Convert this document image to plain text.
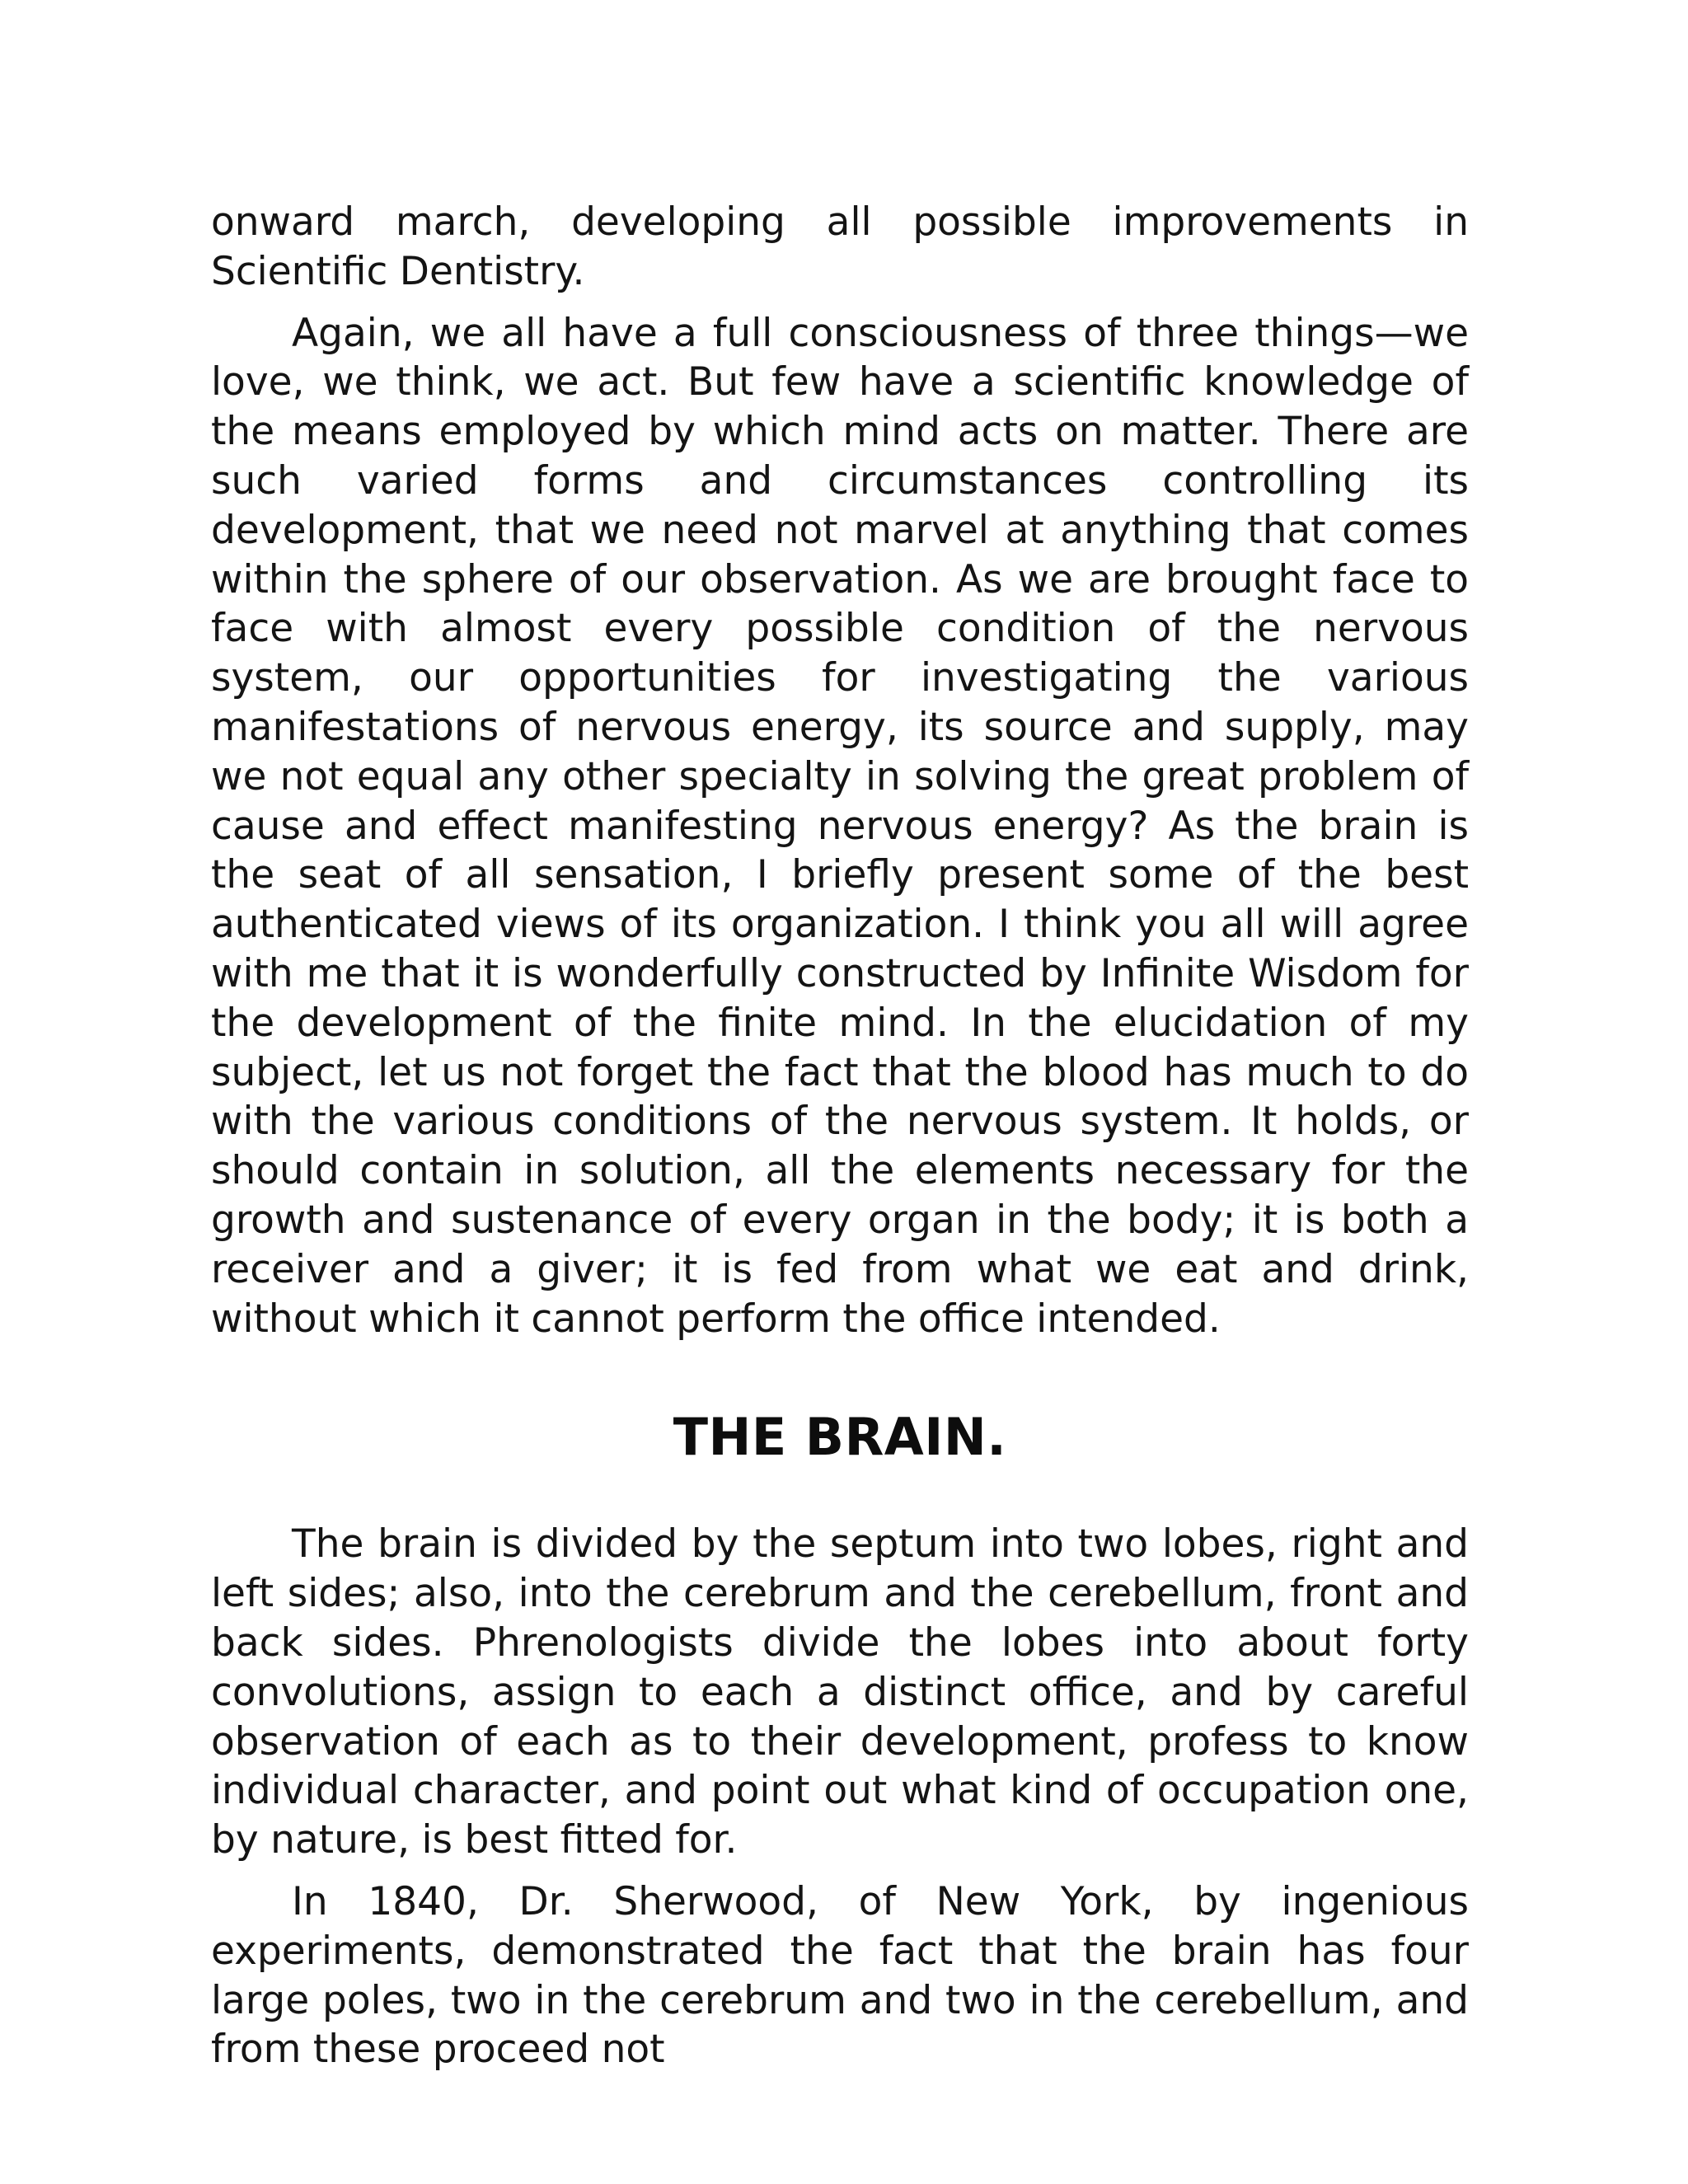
onward march, developing all possible improvements in Scientific Dentistry.

Again, we all have a full consciousness of three things—we love, we think, we act. But few have a scientific knowledge of the means employed by which mind acts on matter. There are such varied forms and circumstances controlling its development, that we need not marvel at anything that comes within the sphere of our observation. As we are brought face to face with almost every possible condition of the nervous system, our opportunities for investigating the various manifestations of nervous energy, its source and supply, may we not equal any other specialty in solving the great problem of cause and effect manifesting nervous energy? As the brain is the seat of all sensation, I briefly present some of the best authenticated views of its organization. I think you all will agree with me that it is wonderfully constructed by Infinite Wisdom for the development of the finite mind. In the elucidation of my subject, let us not forget the fact that the blood has much to do with the various conditions of the nervous system. It holds, or should contain in solution, all the elements necessary for the growth and sustenance of every organ in the body; it is both a receiver and a giver; it is fed from what we eat and drink, without which it cannot perform the office intended.

THE BRAIN.

The brain is divided by the septum into two lobes, right and left sides; also, into the cerebrum and the cerebellum, front and back sides. Phrenologists divide the lobes into about forty convolutions, assign to each a distinct office, and by careful observation of each as to their development, profess to know individual character, and point out what kind of occupation one, by nature, is best fitted for.

In 1840, Dr. Sherwood, of New York, by ingenious experiments, demonstrated the fact that the brain has four large poles, two in the cerebrum and two in the cerebellum, and from these proceed not
